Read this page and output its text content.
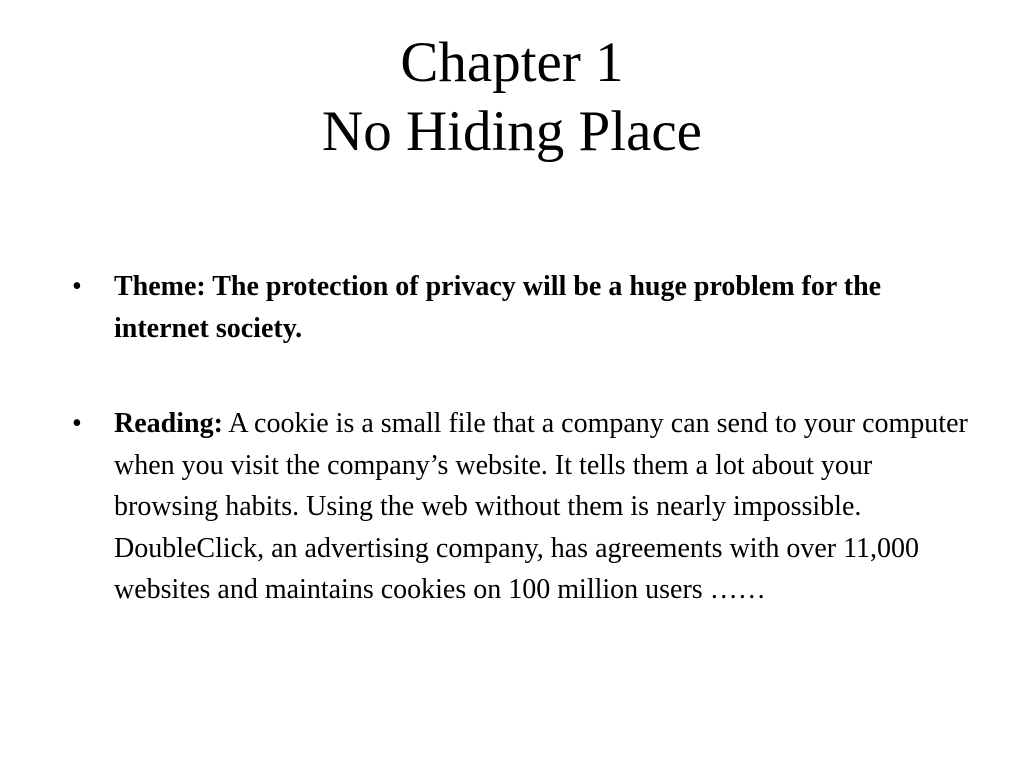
Chapter 1
No Hiding Place
• Theme: The protection of privacy will be a huge problem for the internet society.
• Reading: A cookie is a small file that a company can send to your computer when you visit the company’s website. It tells them a lot about your browsing habits. Using the web without them is nearly impossible. DoubleClick, an advertising company, has agreements with over 11,000 websites and maintains cookies on 100 million users ……
